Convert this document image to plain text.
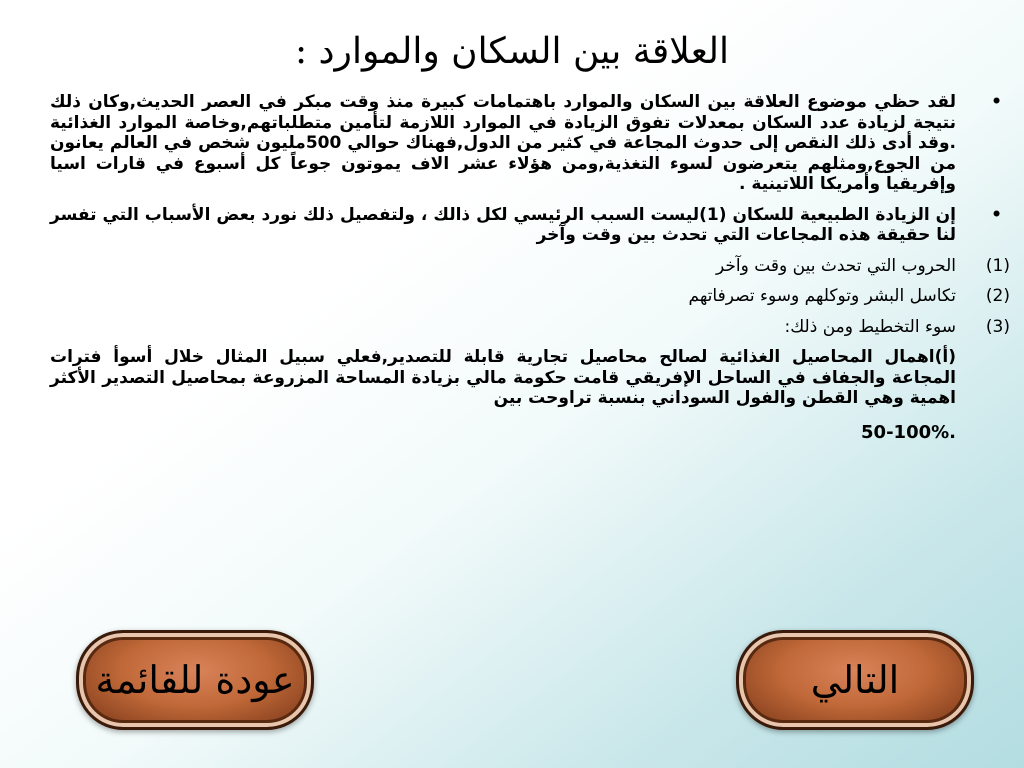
العلاقة بين السكان والموارد :
•
لقد حظي موضوع العلاقة بين السكان والموارد باهتمامات كبيرة منذ وقت مبكر في العصر الحديث,وكان ذلك نتيجة لزيادة عدد السكان بمعدلات تفوق الزيادة في الموارد اللازمة لتأمين متطلباتهم,وخاصة الموارد الغذائية .وقد أدى ذلك النقص إلى حدوث المجاعة في كثير من الدول,فهناك حوالي 500مليون شخص في العالم يعانون من الجوع,ومثلهم يتعرضون لسوء التغذية,ومن هؤلاء عشر الاف يموتون جوعاً كل أسبوع في قارات اسيا وإفريقيا وأمريكا اللاتينية .
•
إن الزيادة الطبيعية للسكان (1)ليست السبب الرئيسي لكل ذالك ، ولتفصيل ذلك نورد بعض الأسباب التي تفسر لنا حقيقة هذه المجاعات التي تحدث بين وقت وآخر
(1)
الحروب التي تحدث بين وقت وآخر
(2)
تكاسل البشر وتوكلهم وسوء تصرفاتهم
(3)
سوء التخطيط ومن ذلك:
(أ)اهمال المحاصيل الغذائية لصالح محاصيل تجارية قابلة للتصدير,فعلي سبيل المثال خلال أسوأ فترات المجاعة والجفاف في الساحل الإفريقي قامت حكومة مالي بزيادة المساحة المزروعة بمحاصيل التصدير الأكثر اهمية وهي القطن والفول السوداني بنسبة تراوحت بين
50-100%.
عودة للقائمة	التالي
